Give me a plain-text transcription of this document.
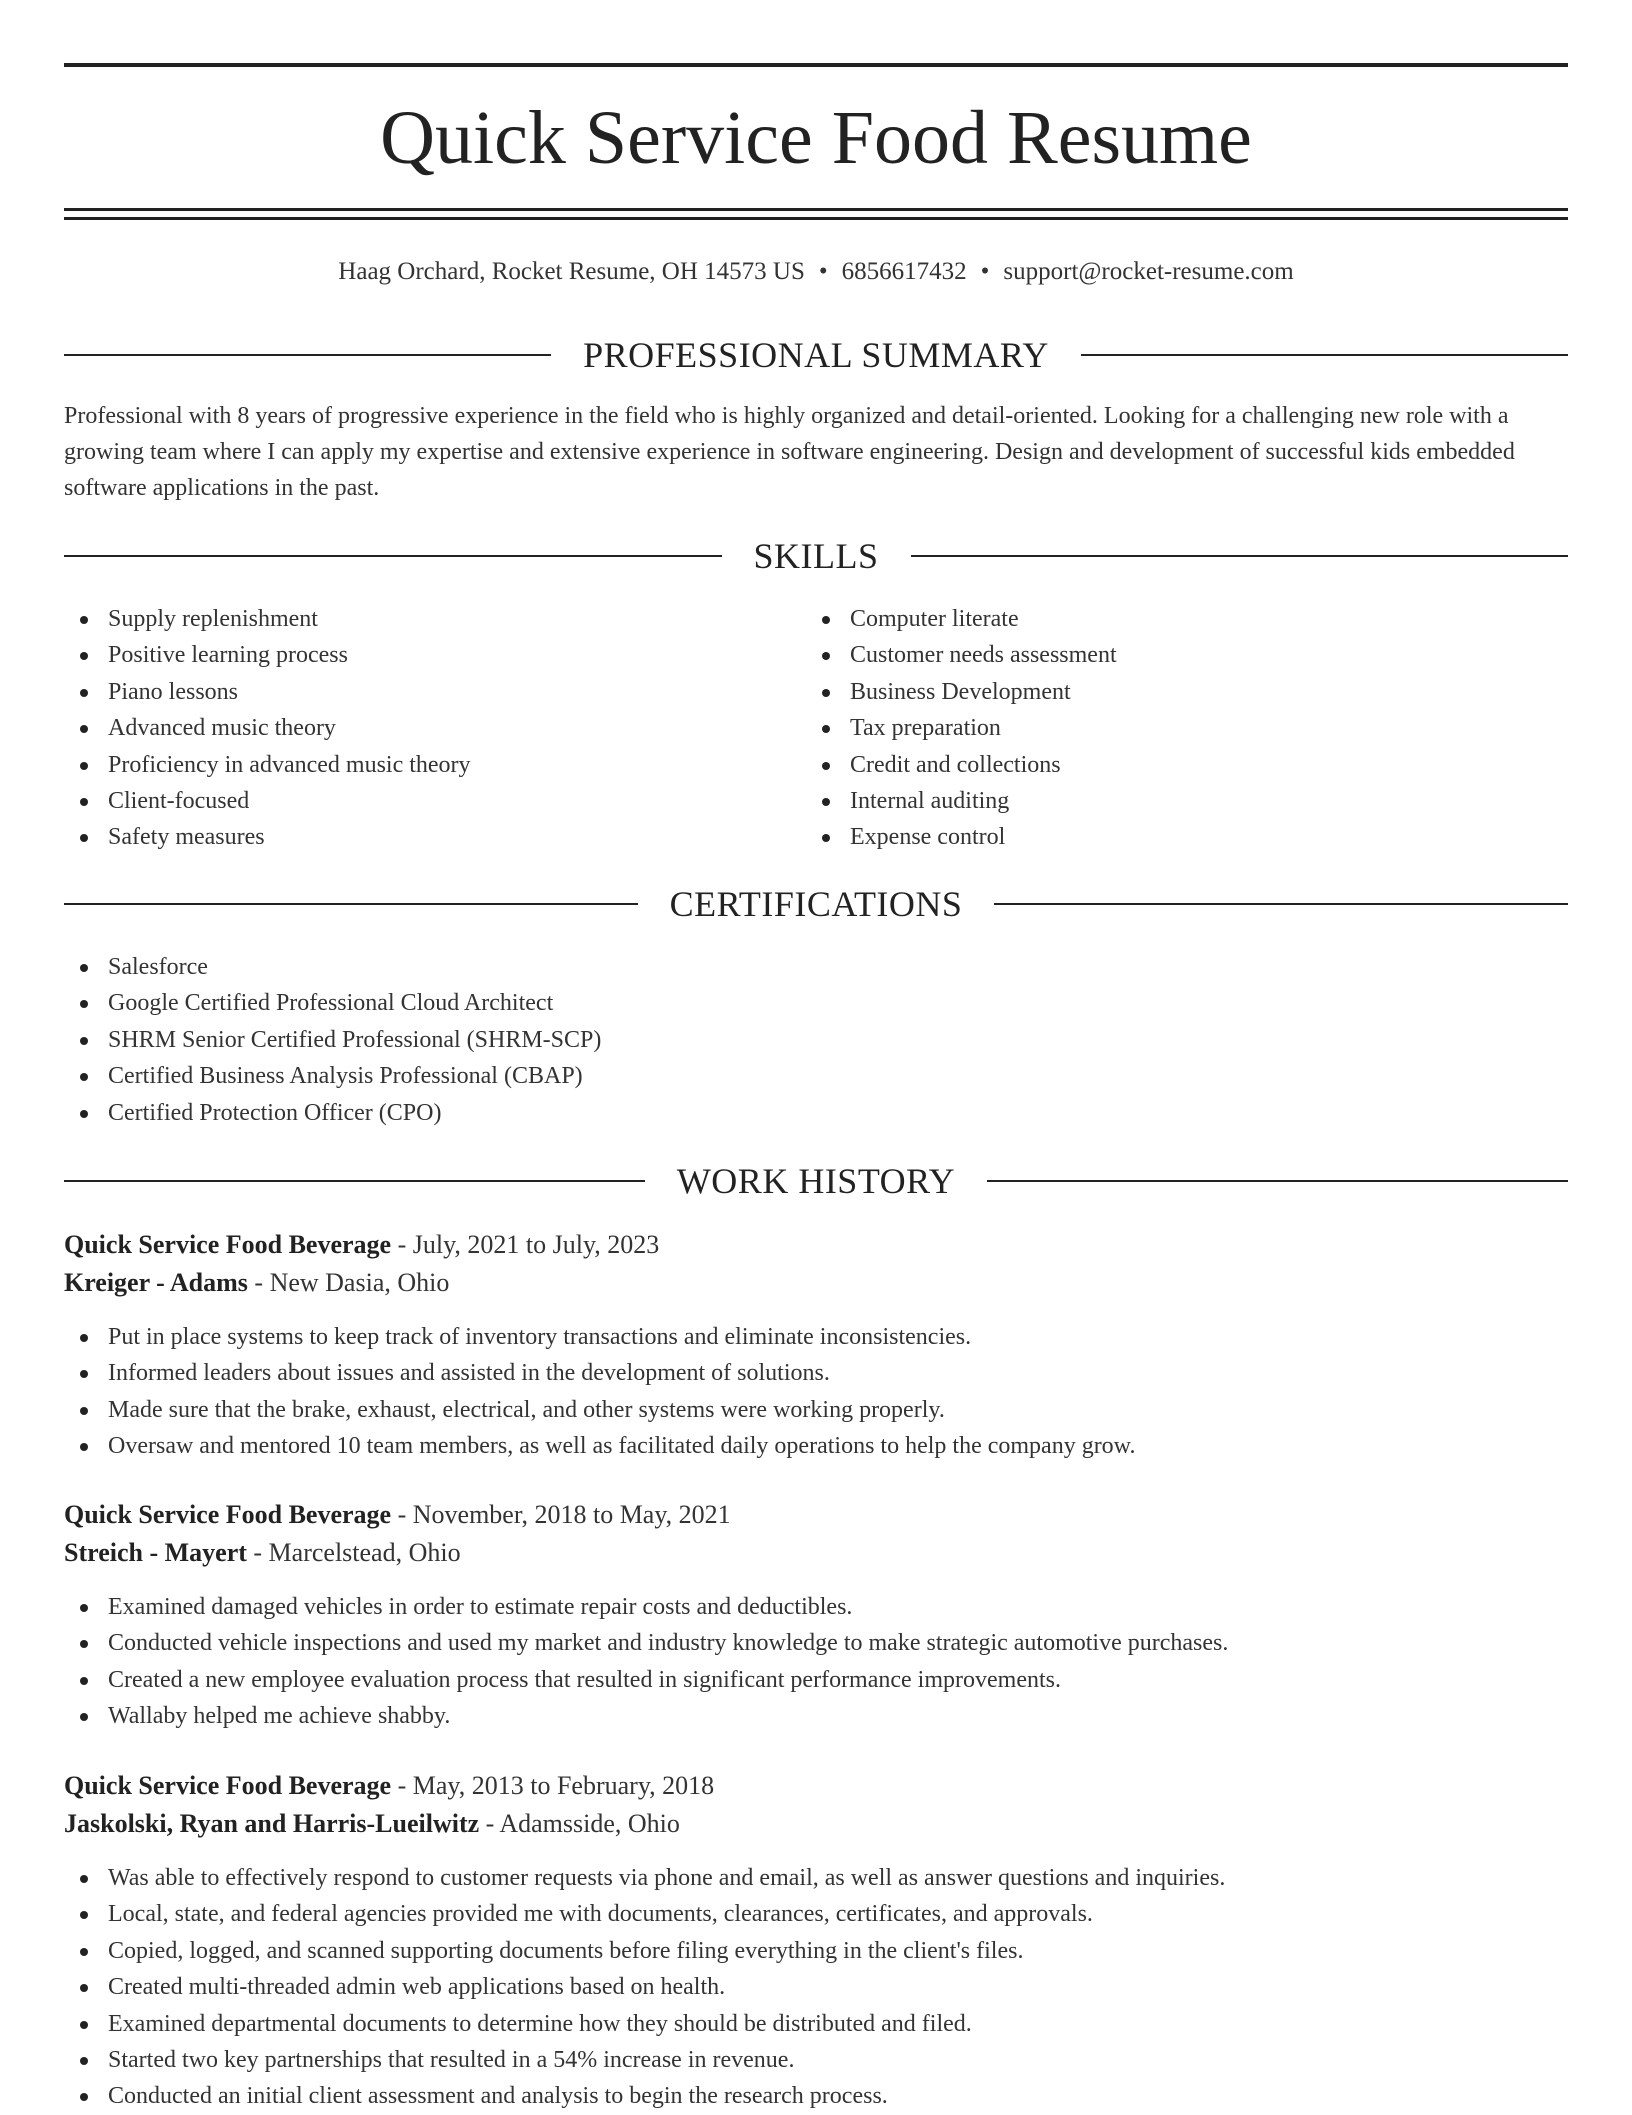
Quick Service Food Resume
Haag Orchard, Rocket Resume, OH 14573 US • 6856617432 • support@rocket-resume.com
PROFESSIONAL SUMMARY

Professional with 8 years of progressive experience in the field who is highly organized and detail-oriented. Looking for a challenging new role with a growing team where I can apply my expertise and extensive experience in software engineering. Design and development of successful kids embedded software applications in the past.

SKILLS
Supply replenishment
Positive learning process
Piano lessons
Advanced music theory
Proficiency in advanced music theory
Client-focused
Safety measures
Computer literate
Customer needs assessment
Business Development
Tax preparation
Credit and collections
Internal auditing
Expense control
CERTIFICATIONS
Salesforce
Google Certified Professional Cloud Architect
SHRM Senior Certified Professional (SHRM-SCP)
Certified Business Analysis Professional (CBAP)
Certified Protection Officer (CPO)
WORK HISTORY
Quick Service Food Beverage - July, 2021 to July, 2023
Kreiger - Adams - New Dasia, Ohio
Put in place systems to keep track of inventory transactions and eliminate inconsistencies.
Informed leaders about issues and assisted in the development of solutions.
Made sure that the brake, exhaust, electrical, and other systems were working properly.
Oversaw and mentored 10 team members, as well as facilitated daily operations to help the company grow.
Quick Service Food Beverage - November, 2018 to May, 2021
Streich - Mayert - Marcelstead, Ohio
Examined damaged vehicles in order to estimate repair costs and deductibles.
Conducted vehicle inspections and used my market and industry knowledge to make strategic automotive purchases.
Created a new employee evaluation process that resulted in significant performance improvements.
Wallaby helped me achieve shabby.
Quick Service Food Beverage - May, 2013 to February, 2018
Jaskolski, Ryan and Harris-Lueilwitz - Adamsside, Ohio
Was able to effectively respond to customer requests via phone and email, as well as answer questions and inquiries.
Local, state, and federal agencies provided me with documents, clearances, certificates, and approvals.
Copied, logged, and scanned supporting documents before filing everything in the client's files.
Created multi-threaded admin web applications based on health.
Examined departmental documents to determine how they should be distributed and filed.
Started two key partnerships that resulted in a 54% increase in revenue.
Conducted an initial client assessment and analysis to begin the research process.
